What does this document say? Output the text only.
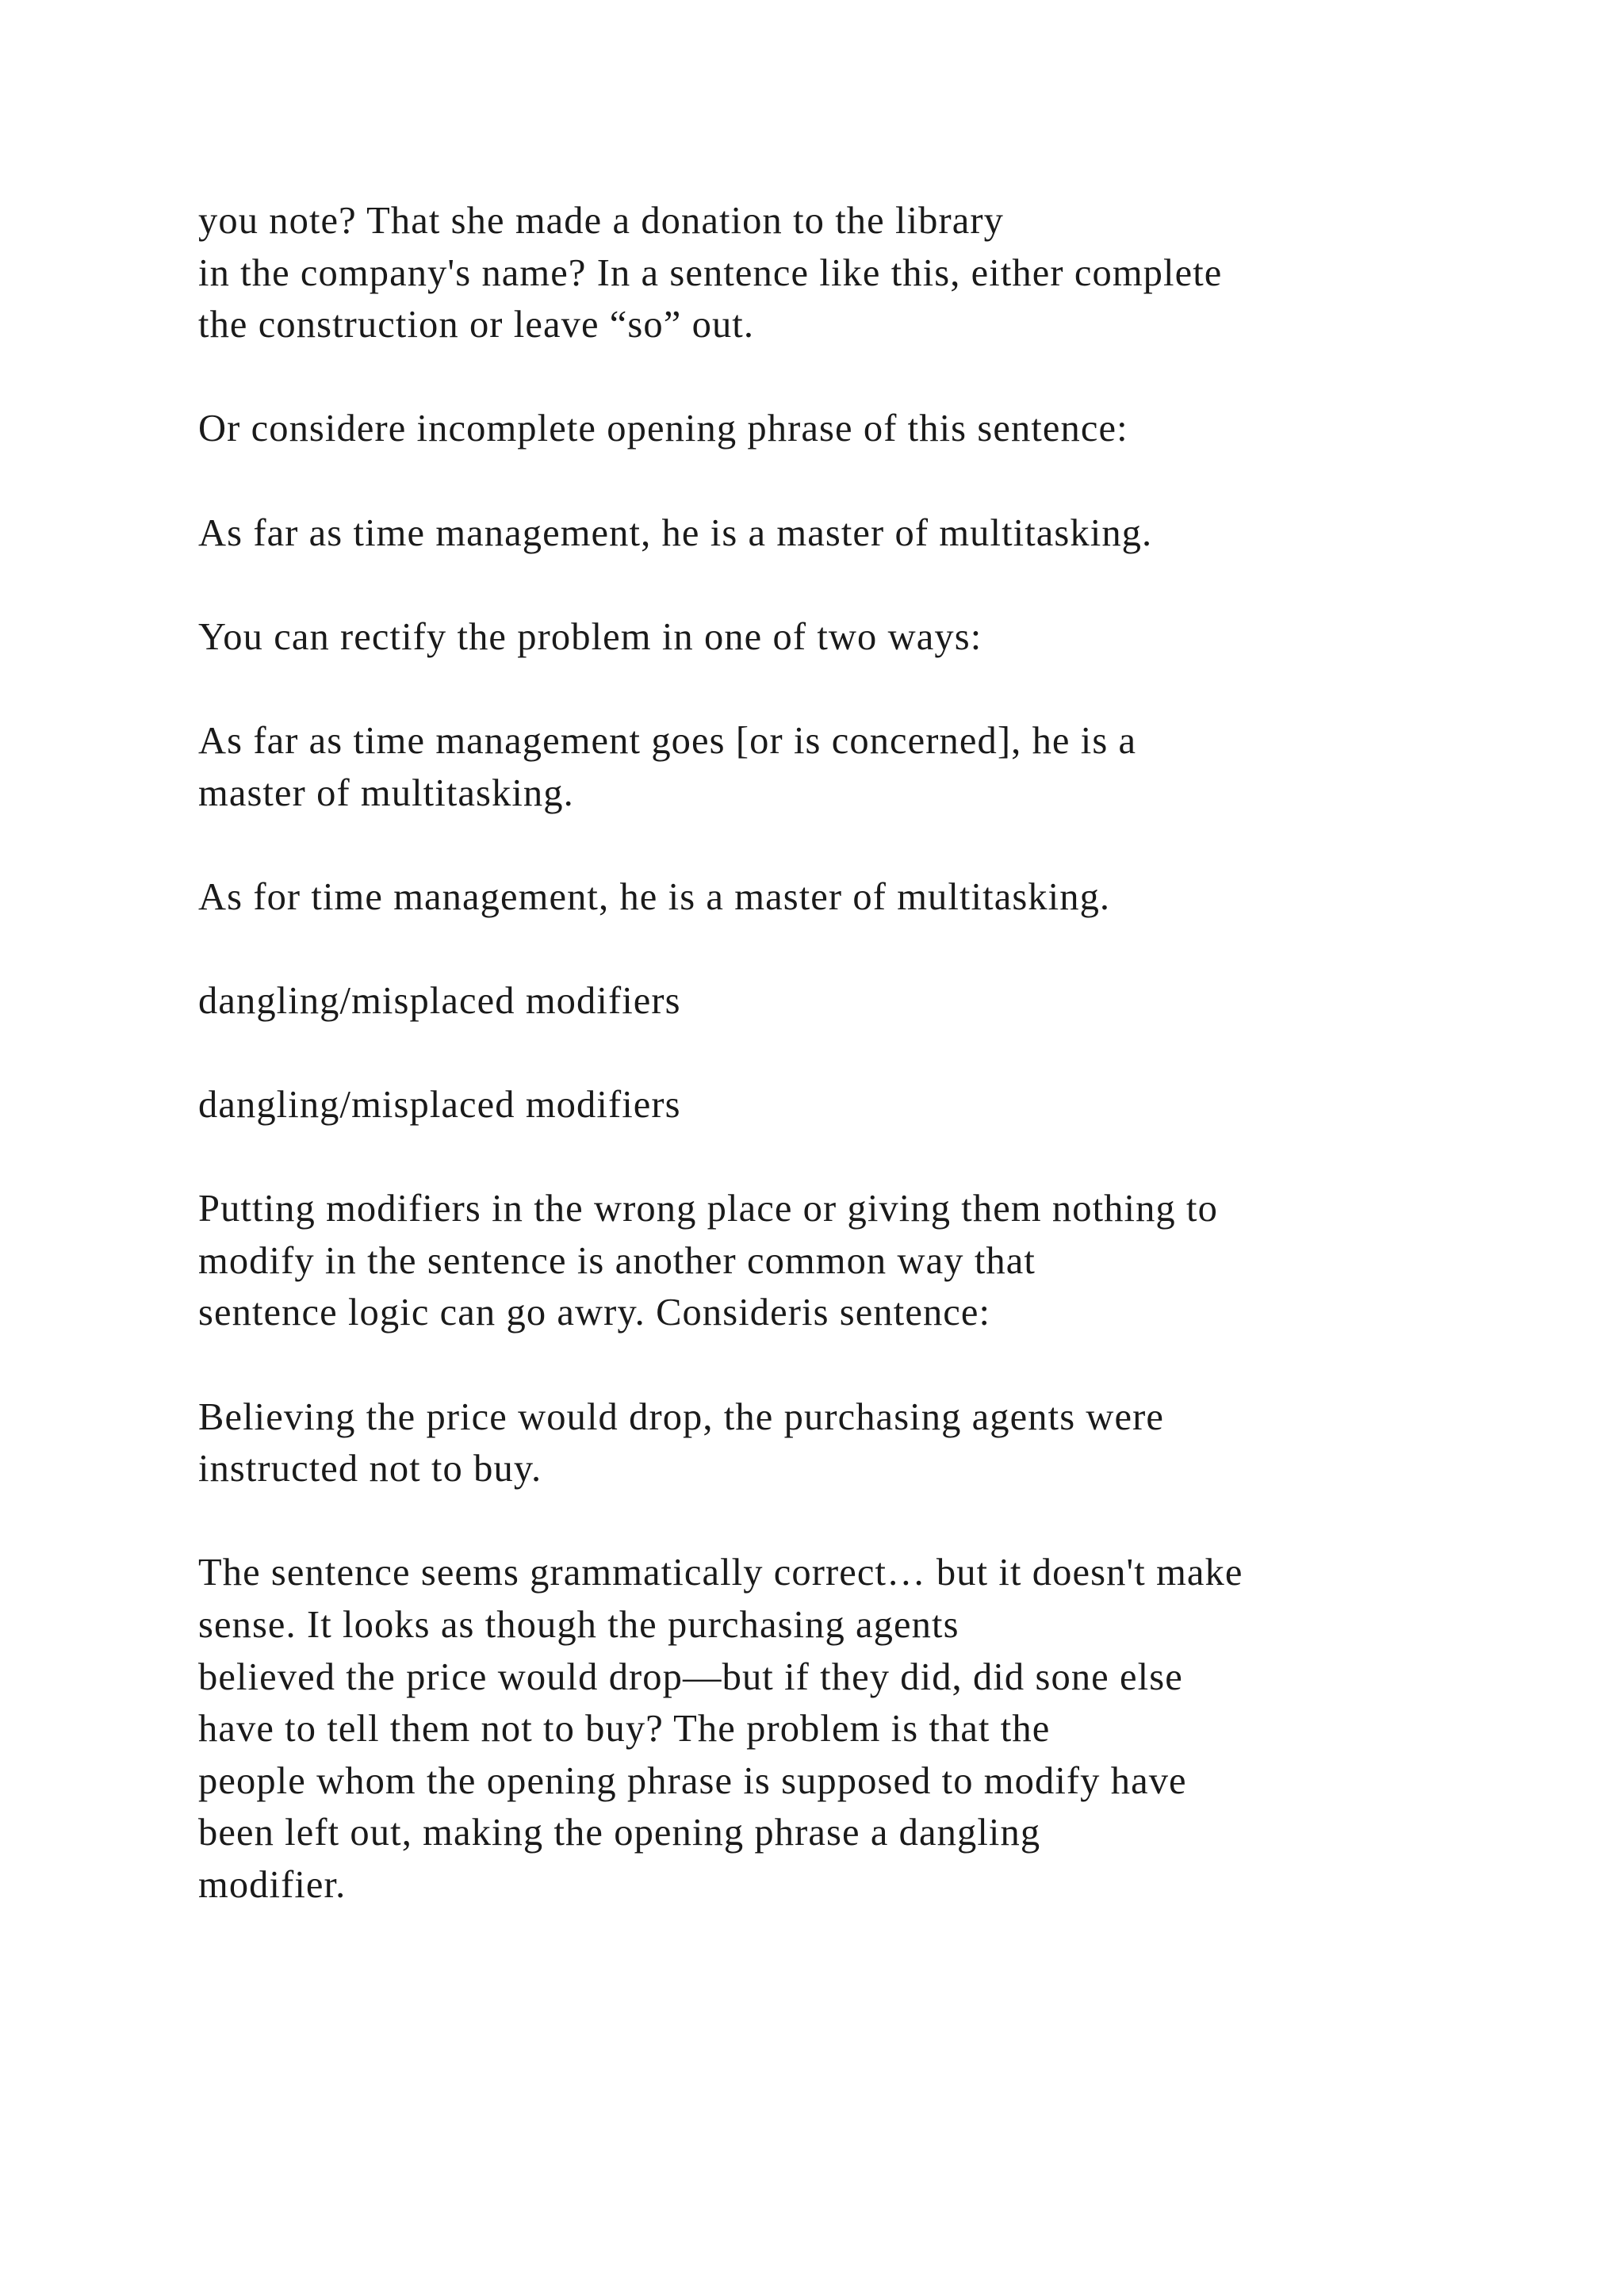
you note? That she made a donation to the library
in the company's name? In a sentence like this, either complete
the construction or leave “so” out.
Or considere incomplete opening phrase of this sentence:
As far as time management, he is a master of multitasking.
You can rectify the problem in one of two ways:
As far as time management goes [or is concerned], he is a
master of multitasking.
As for time management, he is a master of multitasking.
dangling/misplaced modifiers
dangling/misplaced modifiers
Putting modifiers in the wrong place or giving them nothing to
modify in the sentence is another common way that
sentence logic can go awry. Consideris sentence:
Believing the price would drop, the purchasing agents were
instructed not to buy.
The sentence seems grammatically correct… but it doesn't make
sense. It looks as though the purchasing agents
believed the price would drop—but if they did, did sone else
have to tell them not to buy? The problem is that the
people whom the opening phrase is supposed to modify have
been left out, making the opening phrase a dangling
modifier.
